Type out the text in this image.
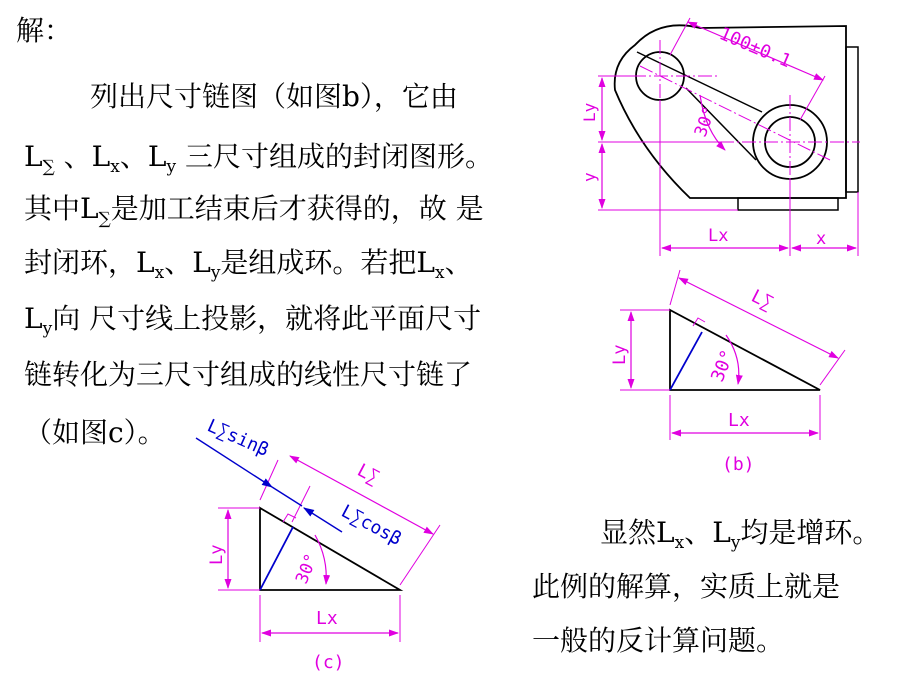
解：
列出尺寸链图（如图b），它由
$L_\sum$ 、$L_x$、$L_y$ 三尺寸组成的封闭图形。
其中$L_\sum$是加工结束后才获得的，故 是
封闭环，$L_x$、$L_y$是组成环。若把$L_x$、
$L_y$向 尺寸线上投影，就将此平面尺寸
链转化为三尺寸组成的线性尺寸链了
（如图c）。
显然$L_x$、$L_y$均是增环。
此例的解算，实质上就是
一般的反计算问题。
100±0.1
30°
Ly
y
Lx	x
L∑
Ly	30°
Lx
(b)
L∑sinβ
L∑
L∑cosβ
Ly	30°
Lx
(c)
